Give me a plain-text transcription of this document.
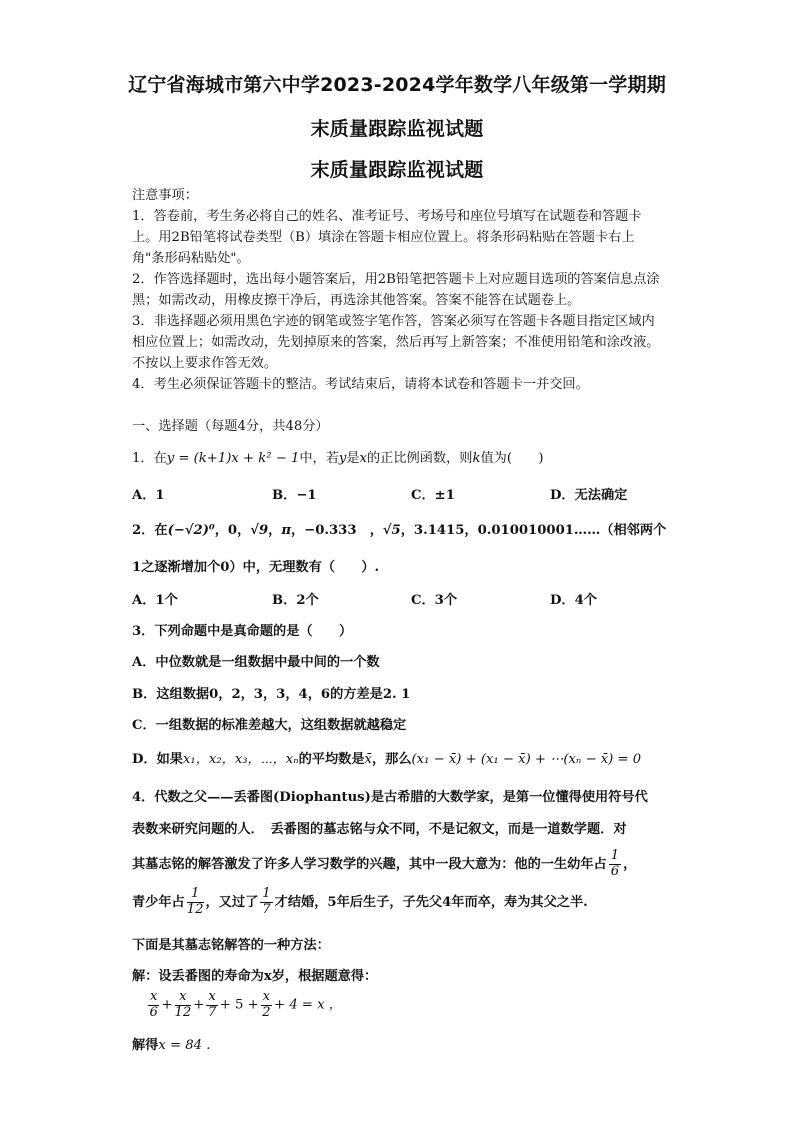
辽宁省海城市第六中学2023-2024学年数学八年级第一学期期
末质量跟踪监视试题
末质量跟踪监视试题

注意事项：

1．答卷前，考生务必将自己的姓名、准考证号、考场号和座位号填写在试题卷和答题卡上。用2B铅笔将试卷类型（B）填涂在答题卡相应位置上。将条形码粘贴在答题卡右上角"条形码粘贴处"。

2．作答选择题时，选出每小题答案后，用2B铅笔把答题卡上对应题目选项的答案信息点涂黑；如需改动，用橡皮擦干净后，再选涂其他答案。答案不能答在试题卷上。

3．非选择题必须用黑色字迹的钢笔或签字笔作答，答案必须写在答题卡各题目指定区域内相应位置上；如需改动，先划掉原来的答案，然后再写上新答案；不准使用铅笔和涂改液。不按以上要求作答无效。

4．考生必须保证答题卡的整洁。考试结束后，请将本试卷和答题卡一并交回。

一、选择题（每题4分，共48分）
1．在y = (k+1)x + k² − 1中，若y是x的正比例函数，则k值为(　　)
A．1	B．−1	C．±1	D．无法确定
2．在(−√2)⁰，0，√9，π，−0.333　，√5，3.1415，0.010010001……（相邻两个
1之逐渐增加个0）中，无理数有（　　）.
A．1个	B．2个	C．3个	D．4个
3．下列命题中是真命题的是（　　）
A．中位数就是一组数据中最中间的一个数
B．这组数据0，2，3，3，4，6的方差是2. 1
C．一组数据的标准差越大，这组数据就越稳定
D．如果x₁，x₂，x₃，⋯，xₙ的平均数是x̄，那么(x₁ − x̄) + (x₁ − x̄) + ⋯(xₙ − x̄) = 0
4．代数之父——丢番图(Diophantus)是古希腊的大数学家，是第一位懂得使用符号代
表数来研究问题的人．　丢番图的墓志铭与众不同，不是记叙文，而是一道数学题．对
其墓志铭的解答激发了许多人学习数学的兴趣，其中一段大意为：他的一生幼年占 $\frac{1}{6}$ ，
青少年占 $\frac{1}{12}$ ，又过了 $\frac{1}{7}$ 才结婚，5年后生子，子先父4年而卒，寿为其父之半.
下面是其墓志铭解答的一种方法：
解：设丢番图的寿命为x岁，根据题意得：
$\frac{x}{6} + \frac{x}{12} + \frac{x}{7} + 5 + \frac{x}{2} + 4 = x$ ，
解得x = 84 .
